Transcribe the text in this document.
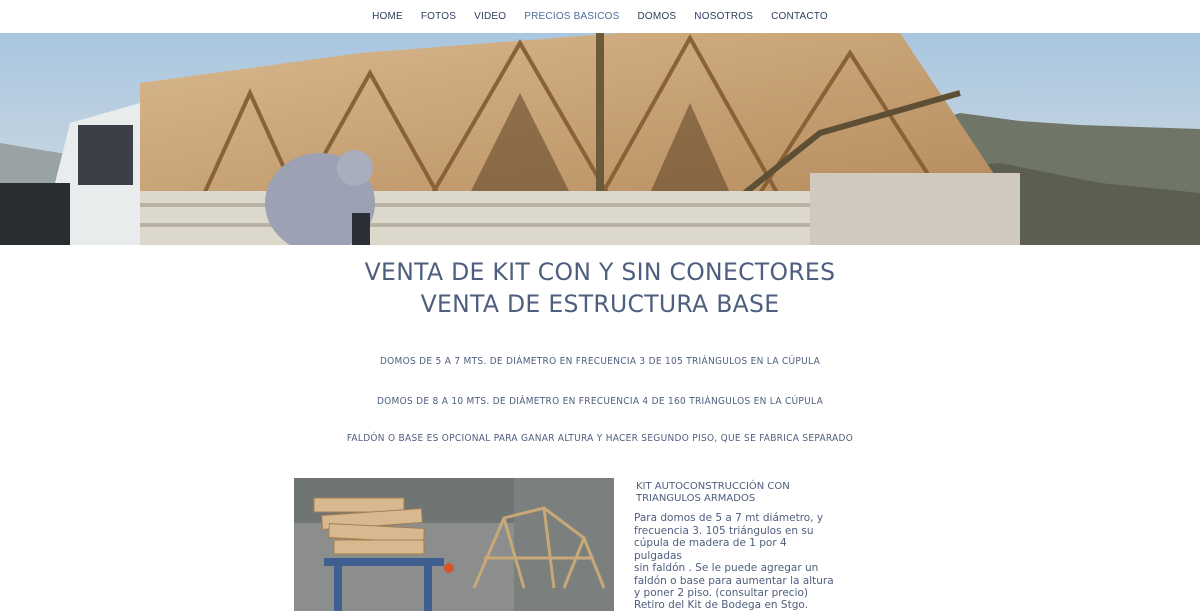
HOME FOTOS VIDEO PRECIOS BASICOS DOMOS NOSOTROS CONTACTO
VENTA DE KIT CON Y SIN CONECTORES
VENTA DE ESTRUCTURA BASE
DOMOS DE 5 A 7 MTS. DE DIÁMETRO EN FRECUENCIA 3 DE 105 TRIÁNGULOS EN LA CÚPULA
DOMOS DE 8 A 10 MTS. DE DIÁMETRO EN FRECUENCIA 4 DE 160 TRIÁNGULOS EN LA CÚPULA
FALDÓN O BASE ES OPCIONAL PARA GANAR ALTURA Y HACER SEGUNDO PISO, QUE SE FABRICA SEPARADO
KIT AUTOCONSTRUCCIÓN CON
TRIANGULOS ARMADOS
Para domos de 5 a 7 mt diámetro, y
frecuencia 3. 105 triángulos en su
cúpula de madera de 1 por 4 pulgadas
sin faldón . Se le puede agregar un
faldón o base para aumentar la altura
y poner 2 piso. (consultar precio)
Retiro del Kit de Bodega en Stgo.
